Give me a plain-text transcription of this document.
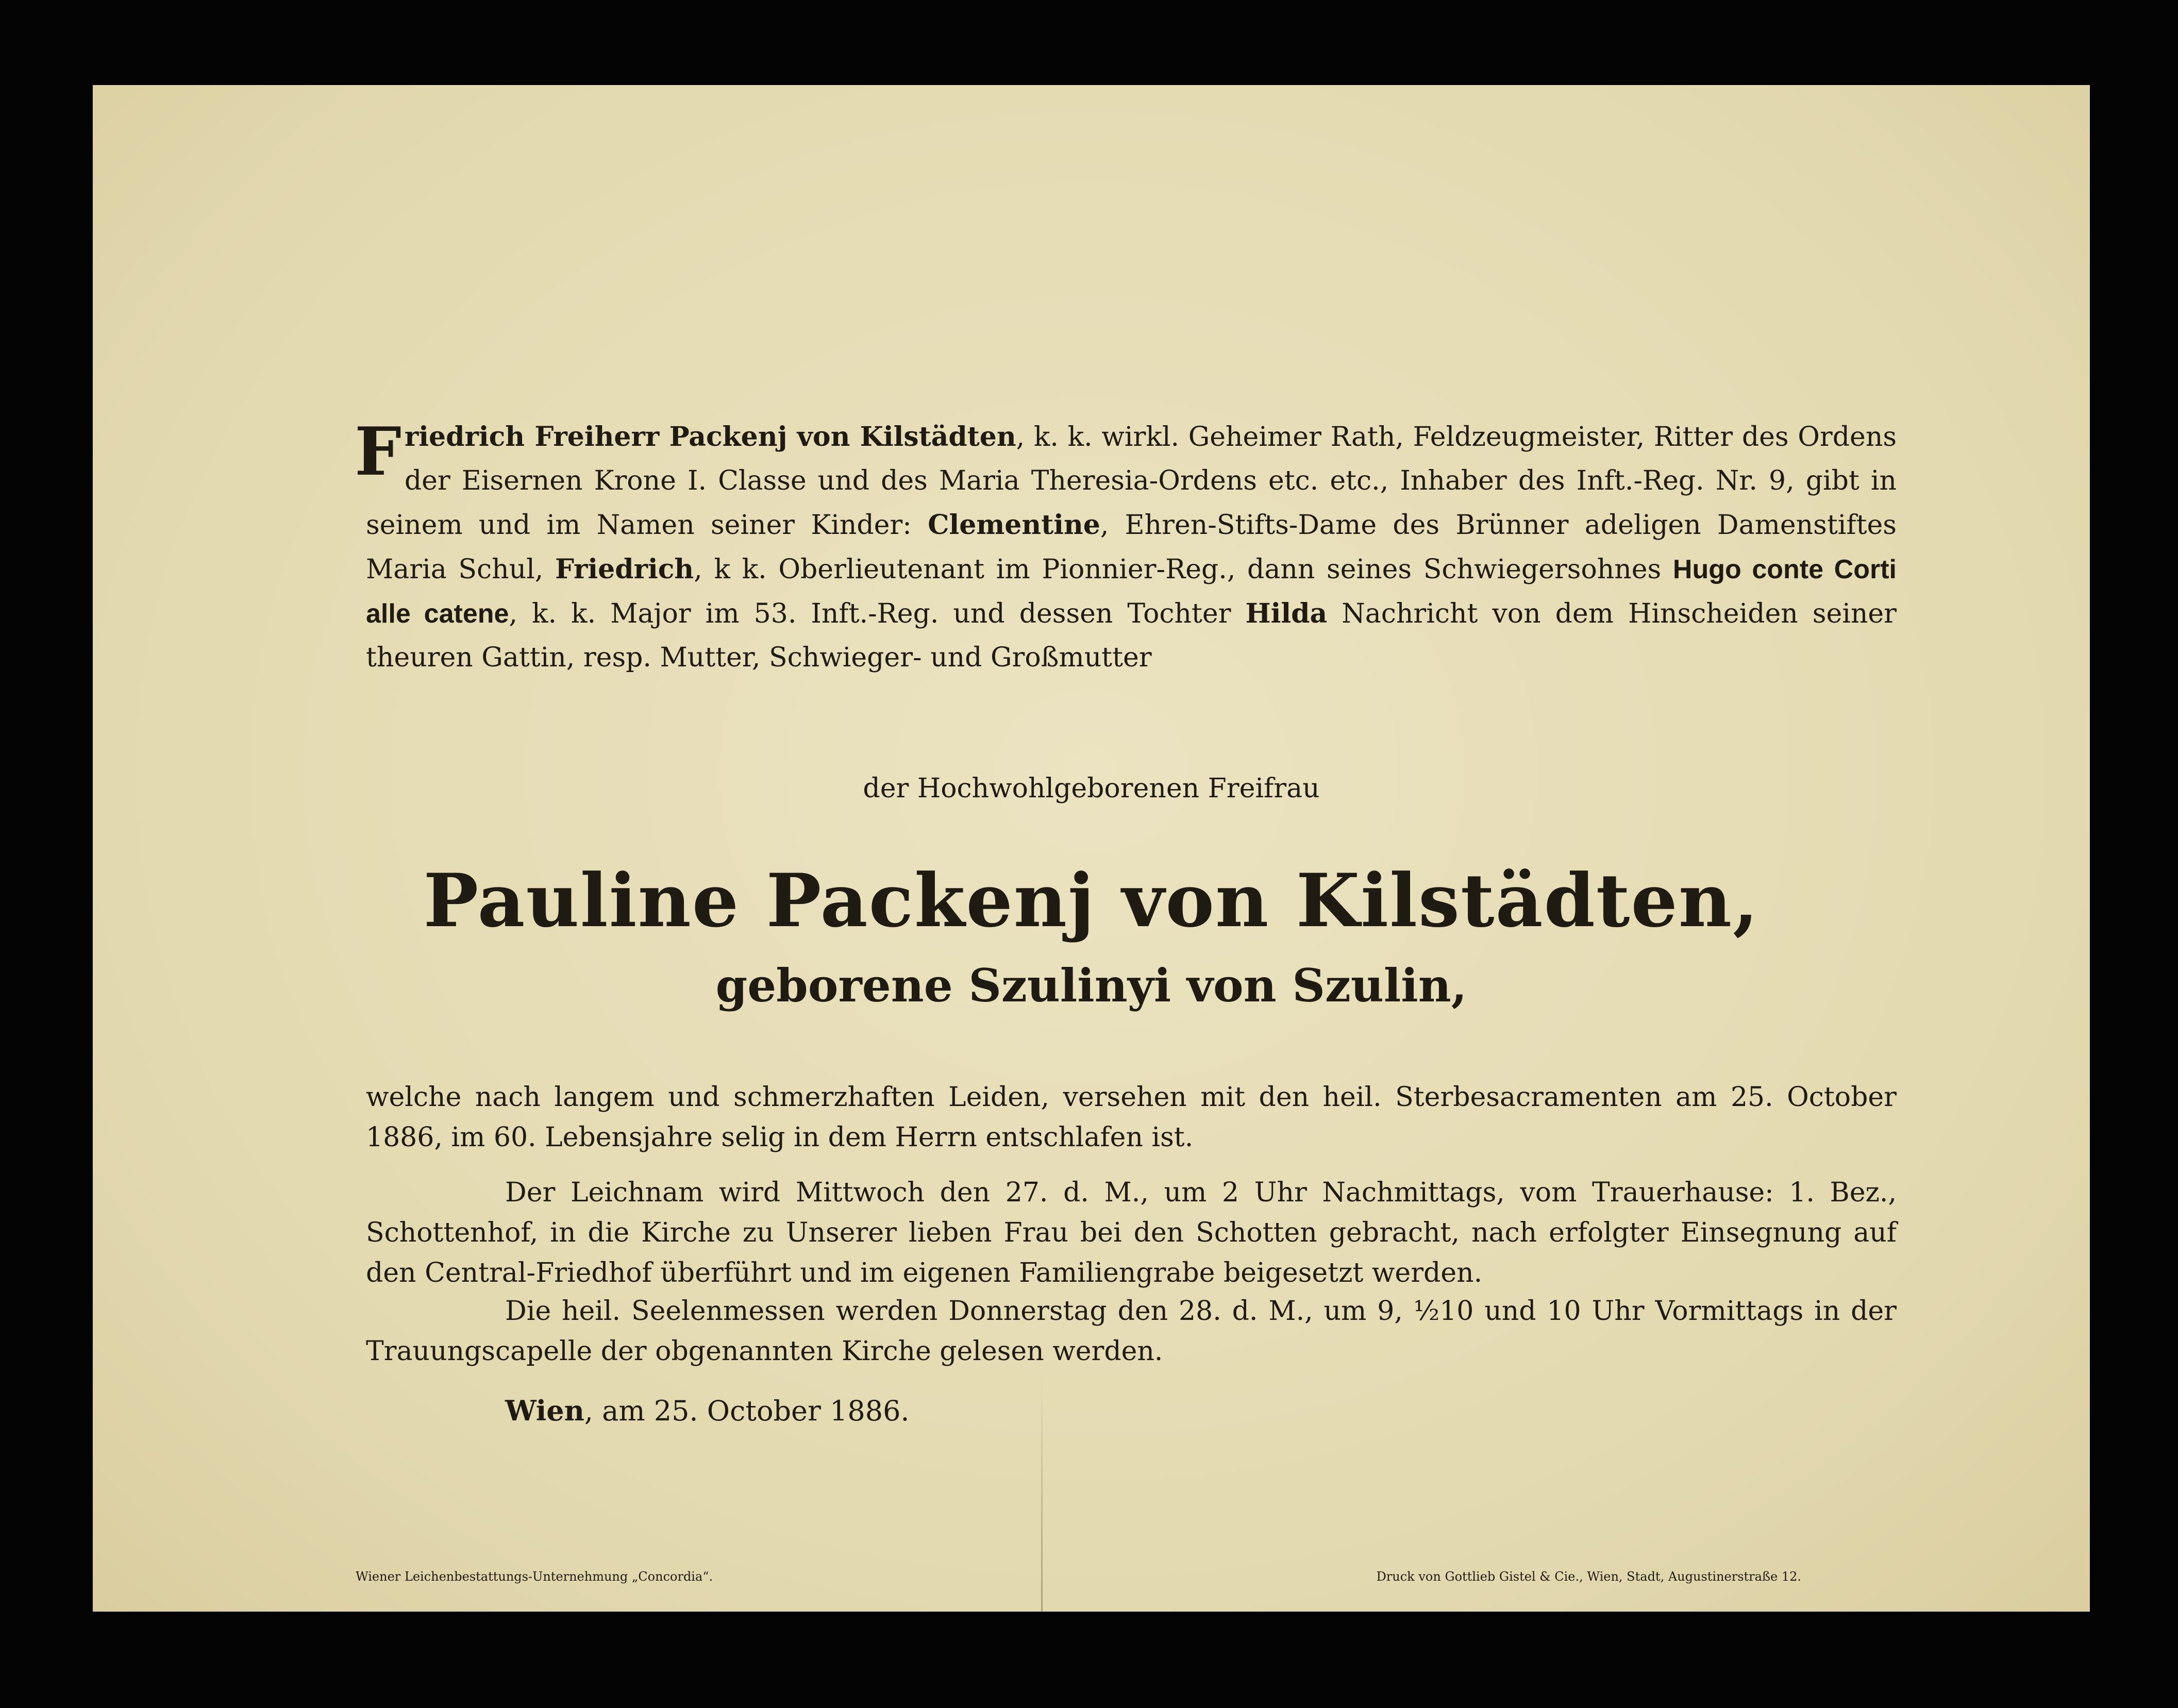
Friedrich Freiherr Packenj von Kilstädten, k. k. wirkl. Geheimer Rath, Feldzeugmeister, Ritter des Ordens der Eisernen Krone I. Classe und des Maria Theresia-Ordens etc. etc., Inhaber des Inft.-Reg. Nr. 9, gibt in seinem und im Namen seiner Kinder: Clementine, Ehren-Stifts-Dame des Brünner adeligen Damenstiftes Maria Schul, Friedrich, k k. Oberlieutenant im Pionnier-Reg., dann seines Schwiegersohnes Hugo conte Corti alle catene, k. k. Major im 53. Inft.-Reg. und dessen Tochter Hilda Nachricht von dem Hinscheiden seiner theuren Gattin, resp. Mutter, Schwieger- und Großmutter
der Hochwohlgeborenen Freifrau
Pauline Packenj von Kilstädten,
geborene Szulinyi von Szulin,
welche nach langem und schmerzhaften Leiden, versehen mit den heil. Sterbesacramenten am 25. October 1886, im 60. Lebensjahre selig in dem Herrn entschlafen ist.
Der Leichnam wird Mittwoch den 27. d. M., um 2 Uhr Nachmittags, vom Trauerhause: 1. Bez., Schottenhof, in die Kirche zu Unserer lieben Frau bei den Schotten gebracht, nach erfolgter Einsegnung auf den Central-Friedhof überführt und im eigenen Familiengrabe beigesetzt werden.
Die heil. Seelenmessen werden Donnerstag den 28. d. M., um 9, ½10 und 10 Uhr Vormittags in der Trauungscapelle der obgenannten Kirche gelesen werden.
Wien, am 25. October 1886.
Wiener Leichenbestattungs-Unternehmung „Concordia“.	Druck von Gottlieb Gistel & Cie., Wien, Stadt, Augustinerstraße 12.
